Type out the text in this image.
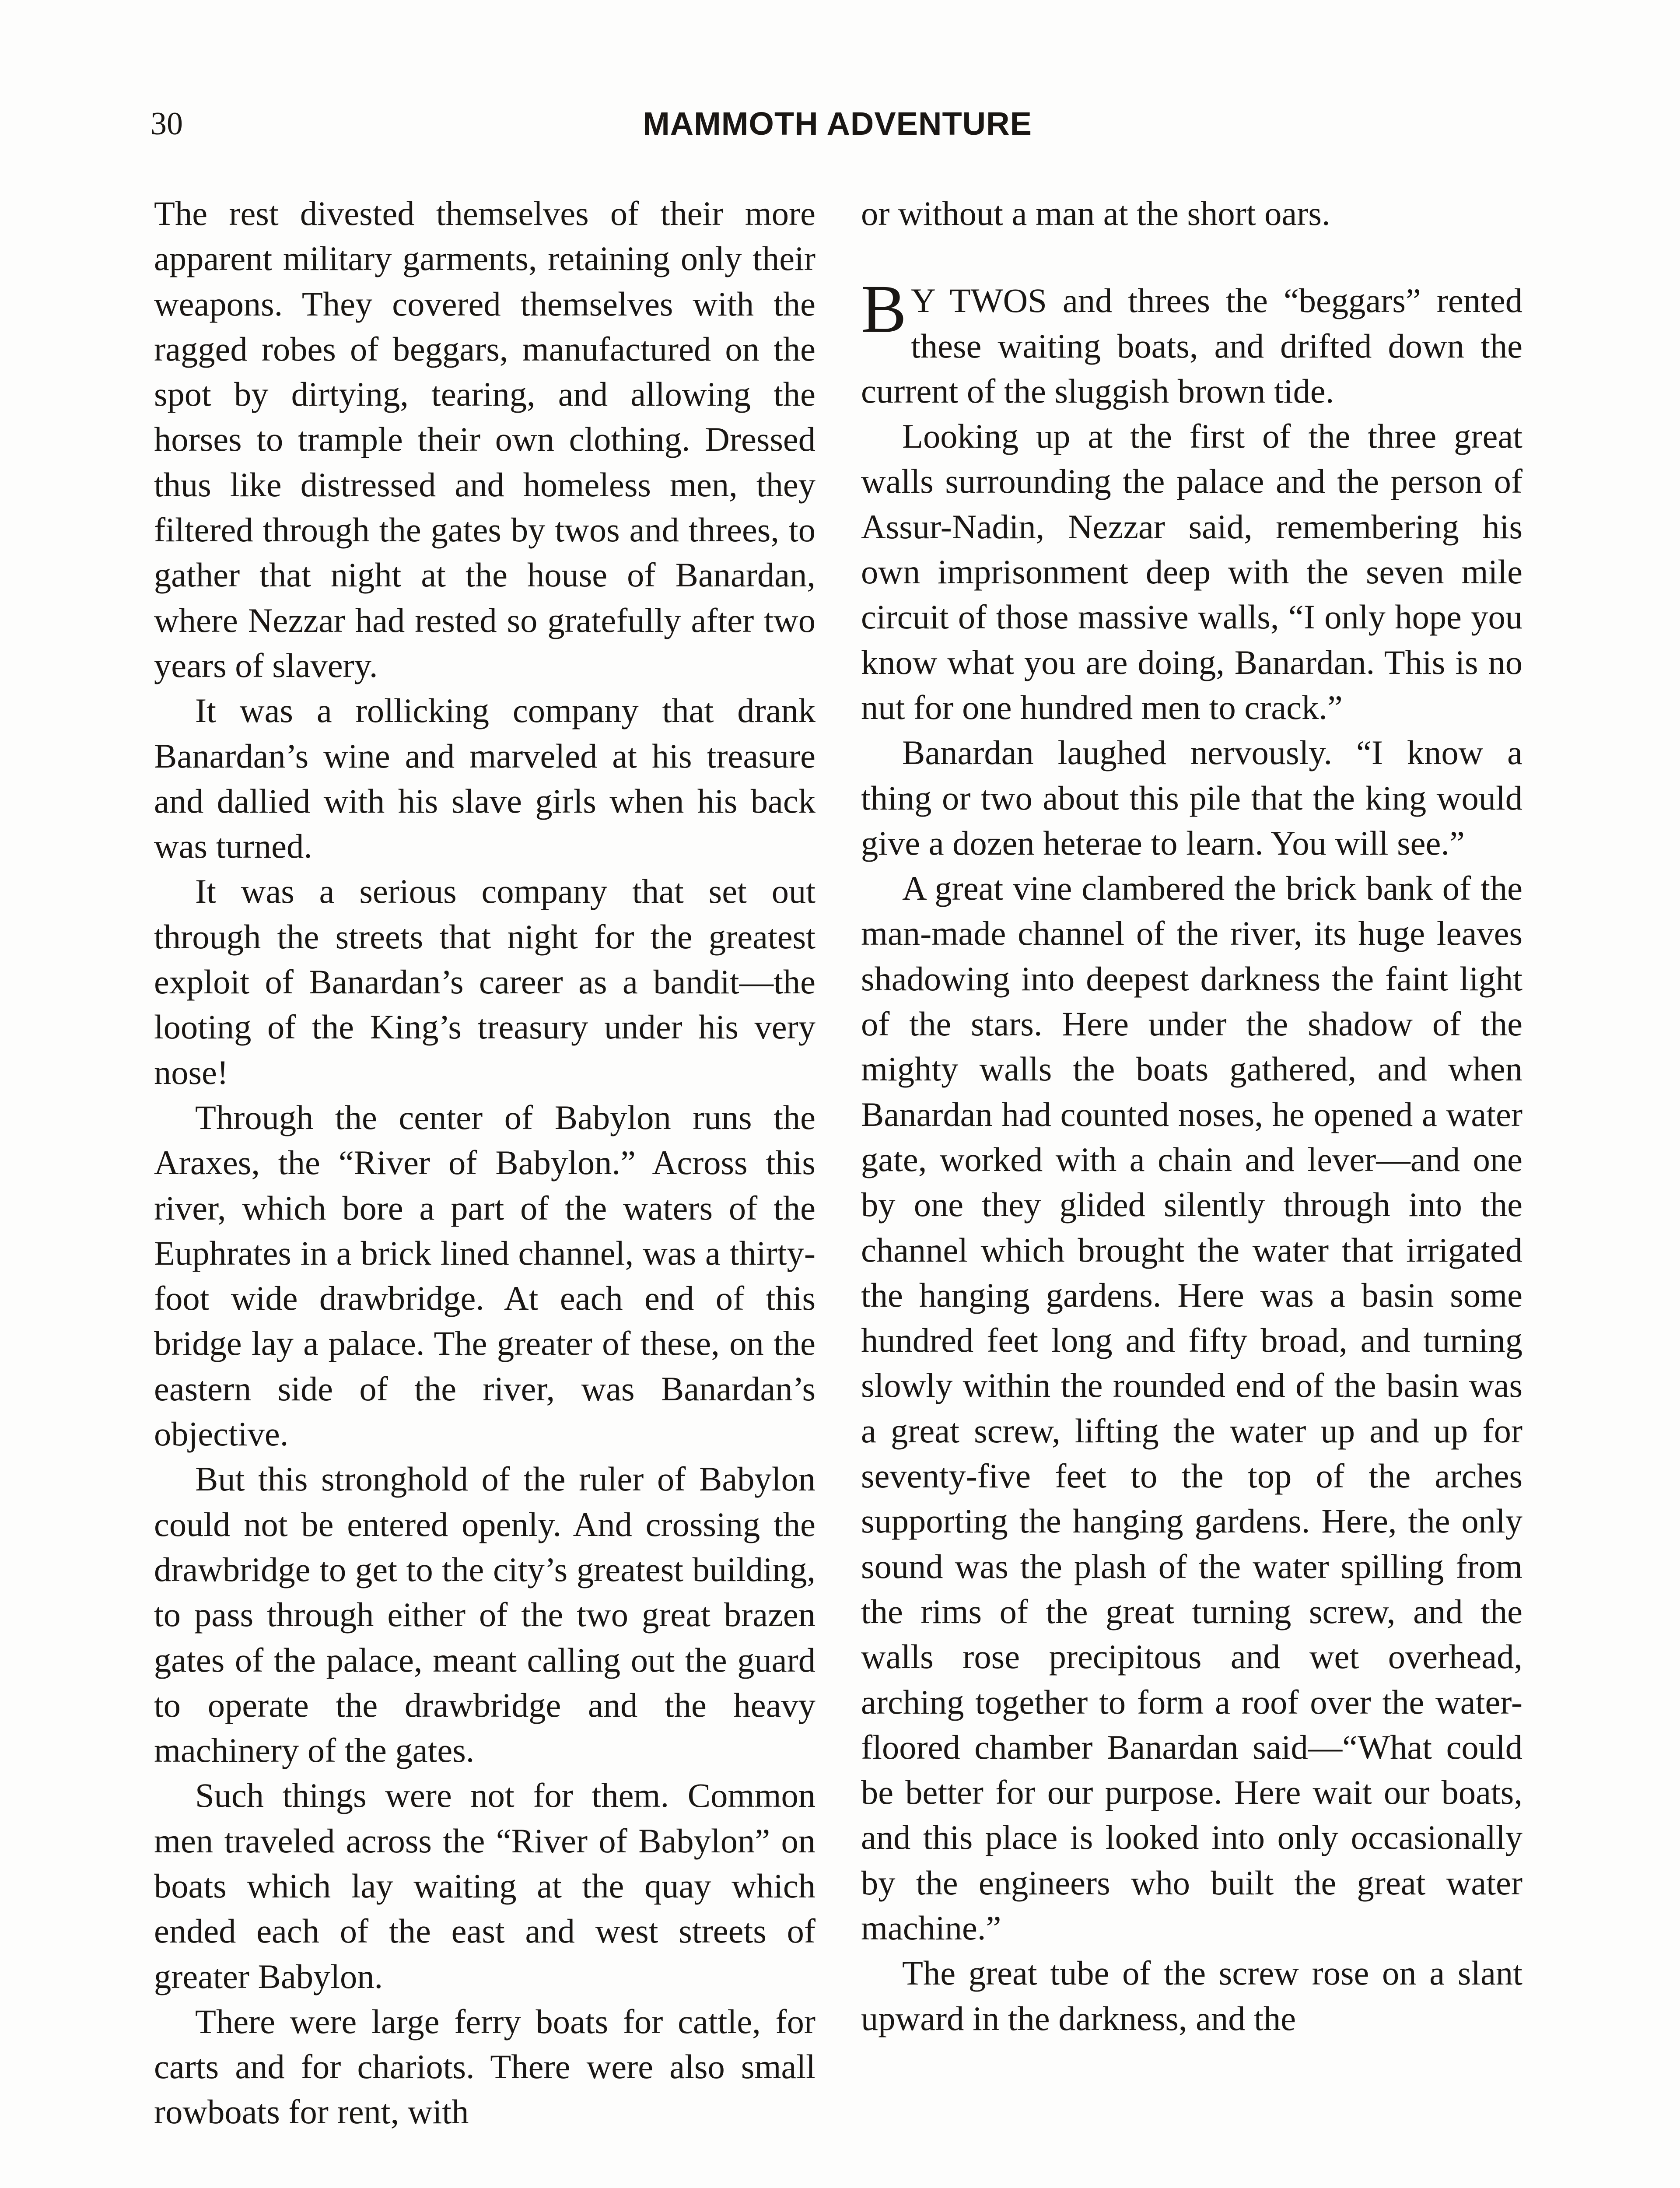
30	MAMMOTH ADVENTURE

The rest divested themselves of their more apparent military garments, retaining only their weapons. They covered themselves with the ragged robes of beggars, manufactured on the spot by dirtying, tearing, and allowing the horses to trample their own clothing. Dressed thus like distressed and homeless men, they filtered through the gates by twos and threes, to gather that night at the house of Banardan, where Nezzar had rested so gratefully after two years of slavery.

It was a rollicking company that drank Banardan’s wine and marveled at his treasure and dallied with his slave girls when his back was turned.

It was a serious company that set out through the streets that night for the greatest exploit of Banardan’s career as a bandit—the looting of the King’s treasury under his very nose!

Through the center of Babylon runs the Araxes, the “River of Babylon.” Across this river, which bore a part of the waters of the Euphrates in a brick lined channel, was a thirty-foot wide drawbridge. At each end of this bridge lay a palace. The greater of these, on the eastern side of the river, was Banardan’s objective.

But this stronghold of the ruler of Babylon could not be entered openly. And crossing the drawbridge to get to the city’s greatest building, to pass through either of the two great brazen gates of the palace, meant calling out the guard to operate the drawbridge and the heavy machinery of the gates.

Such things were not for them. Common men traveled across the “River of Babylon” on boats which lay waiting at the quay which ended each of the east and west streets of greater Babylon.

There were large ferry boats for cattle, for carts and for chariots. There were also small rowboats for rent, with

or without a man at the short oars.

B Y TWOS and threes the “beggars” rented these waiting boats, and drifted down the current of the sluggish brown tide.

Looking up at the first of the three great walls surrounding the palace and the person of Assur-Nadin, Nezzar said, remembering his own imprisonment deep with the seven mile circuit of those massive walls, “I only hope you know what you are doing, Banardan. This is no nut for one hundred men to crack.”

Banardan laughed nervously. “I know a thing or two about this pile that the king would give a dozen heterae to learn. You will see.”

A great vine clambered the brick bank of the man-made channel of the river, its huge leaves shadowing into deepest darkness the faint light of the stars. Here under the shadow of the mighty walls the boats gathered, and when Banardan had counted noses, he opened a water gate, worked with a chain and lever—and one by one they glided silently through into the channel which brought the water that irrigated the hanging gardens. Here was a basin some hundred feet long and fifty broad, and turning slowly within the rounded end of the basin was a great screw, lifting the water up and up for seventy-five feet to the top of the arches supporting the hanging gardens. Here, the only sound was the plash of the water spilling from the rims of the great turning screw, and the walls rose precipitous and wet overhead, arching together to form a roof over the water-floored chamber Banardan said—“What could be better for our purpose. Here wait our boats, and this place is looked into only occasionally by the engineers who built the great water machine.”

The great tube of the screw rose on a slant upward in the darkness, and the
